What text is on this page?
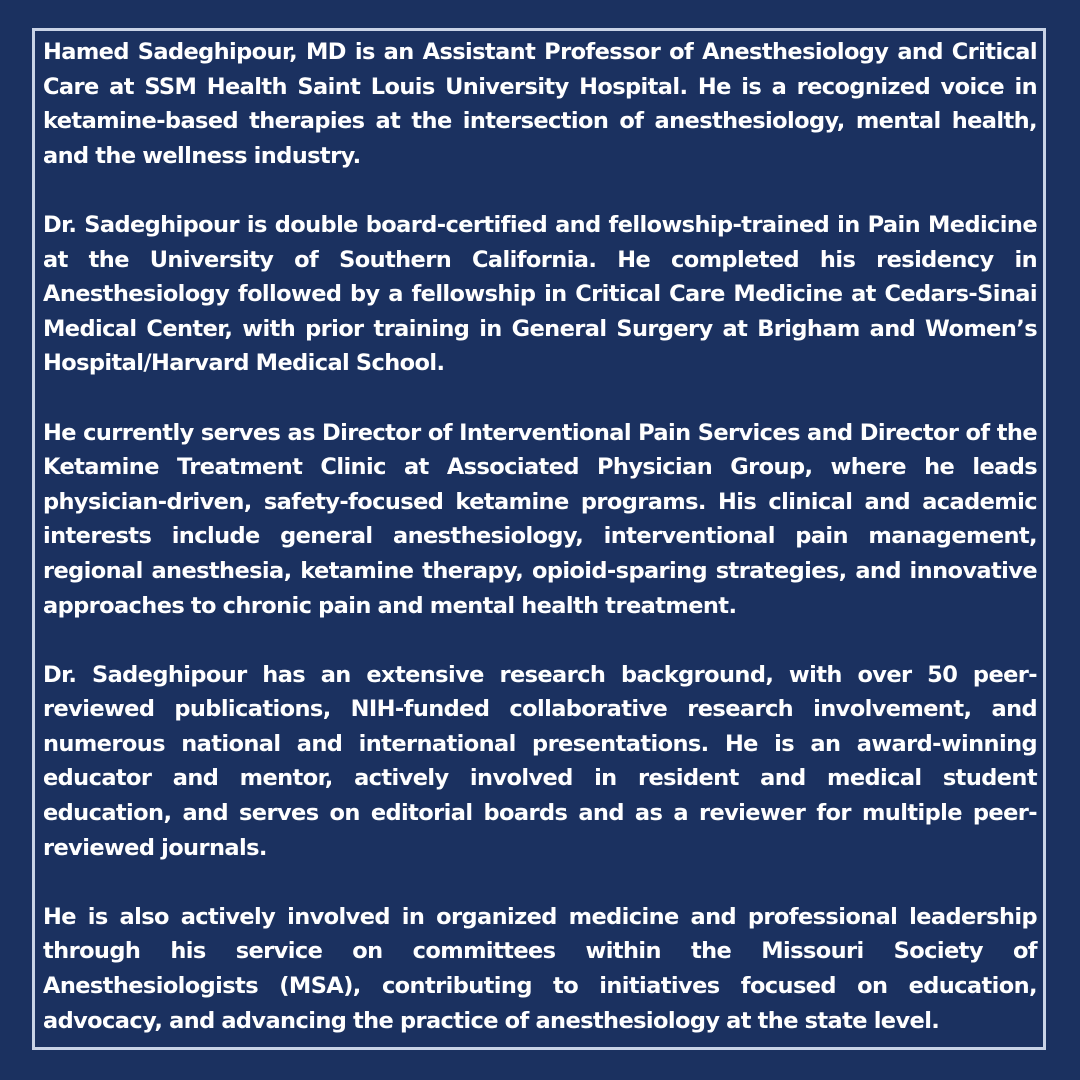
Hamed Sadeghipour, MD is an Assistant Professor of Anesthesiology and Critical Care at SSM Health Saint Louis University Hospital. He is a recognized voice in ketamine-based therapies at the intersection of anesthesiology, mental health, and the wellness industry.

Dr. Sadeghipour is double board-certified and fellowship-trained in Pain Medicine at the University of Southern California. He completed his residency in Anesthesiology followed by a fellowship in Critical Care Medicine at Cedars-Sinai Medical Center, with prior training in General Surgery at Brigham and Women’s Hospital/Harvard Medical School.

He currently serves as Director of Interventional Pain Services and Director of the Ketamine Treatment Clinic at Associated Physician Group, where he leads physician-driven, safety-focused ketamine programs. His clinical and academic interests include general anesthesiology, interventional pain management, regional anesthesia, ketamine therapy, opioid-sparing strategies, and innovative approaches to chronic pain and mental health treatment.

Dr. Sadeghipour has an extensive research background, with over 50 peer-reviewed publications, NIH-funded collaborative research involvement, and numerous national and international presentations. He is an award-winning educator and mentor, actively involved in resident and medical student education, and serves on editorial boards and as a reviewer for multiple peer-reviewed journals.

He is also actively involved in organized medicine and professional leadership through his service on committees within the Missouri Society of Anesthesiologists (MSA), contributing to initiatives focused on education, advocacy, and advancing the practice of anesthesiology at the state level.
